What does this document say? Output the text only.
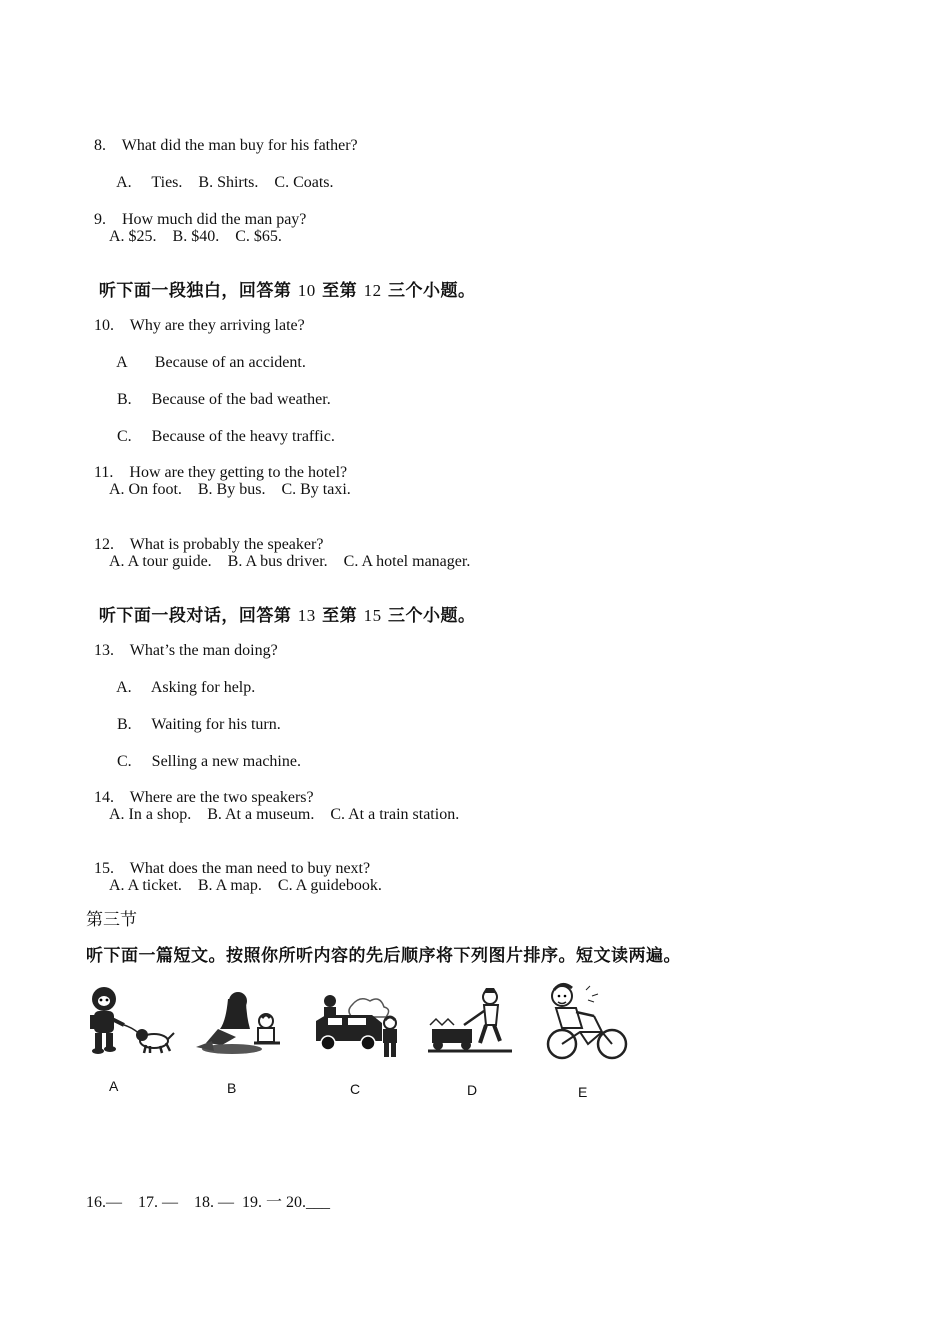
8. What did the man buy for his father?

A. Ties. B. Shirts. C. Coats.

9. How much did the man pay?

A. $25.    B. $40.    C. $65.

听下面一段独白，回答第 10 至第 12 三个小题。

10. Why are they arriving late?

A Because of an accident.

B. Because of the bad weather.

C. Because of the heavy traffic.

11. How are they getting to the hotel?

A. On foot.    B. By bus.    C. By taxi.

12. What is probably the speaker?

A. A tour guide.    B. A bus driver.    C. A hotel manager.

听下面一段对话，回答第 13 至第 15 三个小题。

13. What’s the man doing?

A. Asking for help.

B. Waiting for his turn.

C. Selling a new machine.

14. Where are the two speakers?

A. In a shop.    B. At a museum.    C. At a train station.

15. What does the man need to buy next?

A. A ticket.    B. A map.    C. A guidebook.
第三节
听下面一篇短文。按照你所听内容的先后顺序将下列图片排序。短文读两遍。
A	B	C	D	E
16.—    17. —    18. —  19. 一 20.___
